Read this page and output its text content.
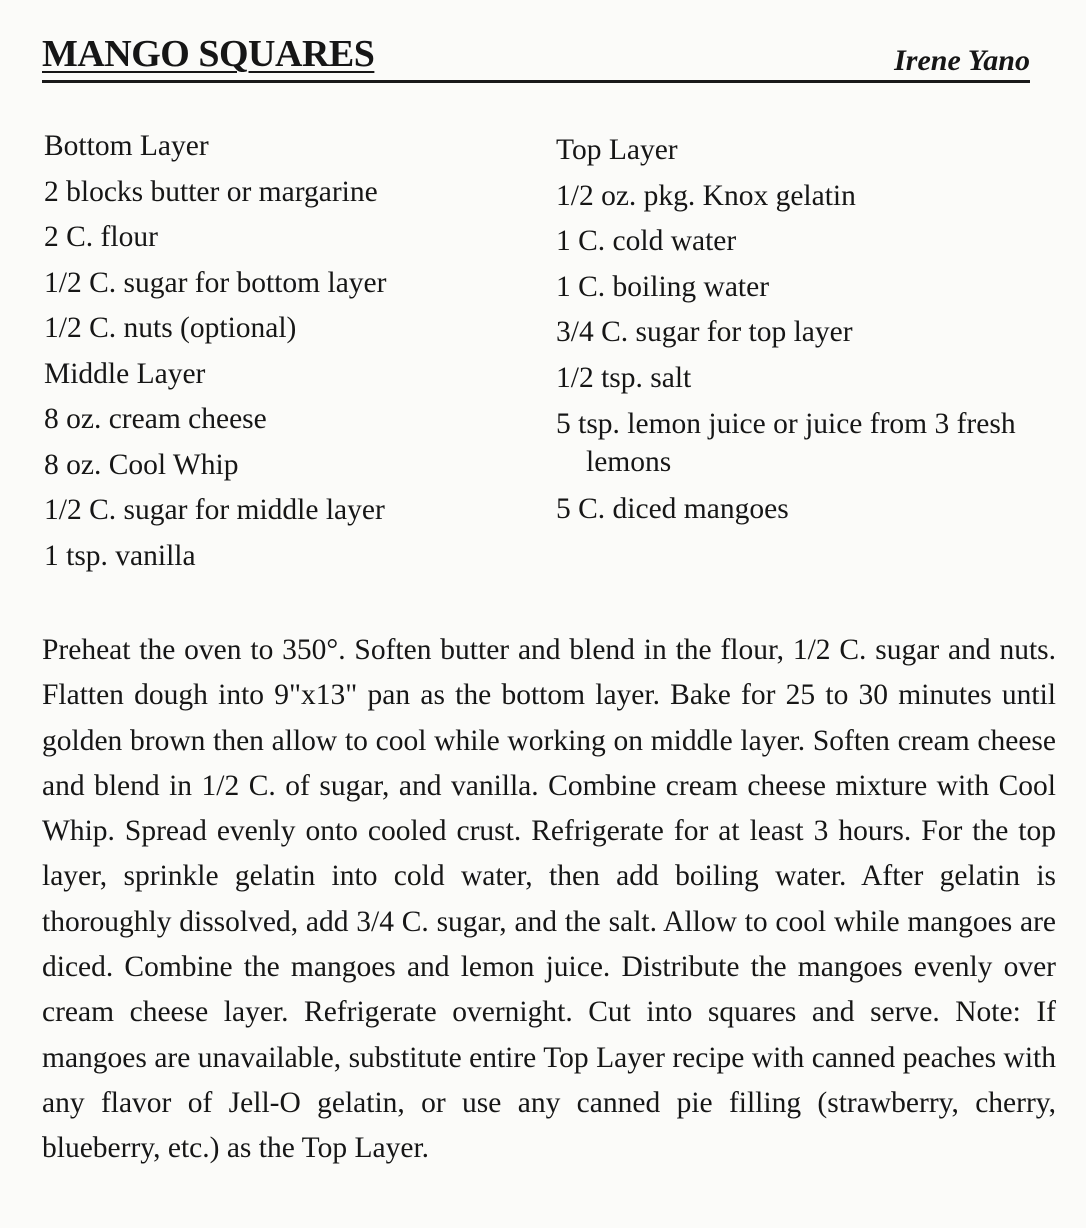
MANGO SQUARES	Irene Yano
Bottom Layer
2 blocks butter or margarine
2 C. flour
1/2 C. sugar for bottom layer
1/2 C. nuts (optional)
Middle Layer
8 oz. cream cheese
8 oz. Cool Whip
1/2 C. sugar for middle layer
1 tsp. vanilla
Top Layer
1/2 oz. pkg. Knox gelatin
1 C. cold water
1 C. boiling water
3/4 C. sugar for top layer
1/2 tsp. salt
5 tsp. lemon juice or juice from 3 fresh lemons
5 C. diced mangoes

Preheat the oven to 350°. Soften butter and blend in the flour, 1/2 C. sugar and nuts. Flatten dough into 9"x13" pan as the bottom layer. Bake for 25 to 30 minutes until golden brown then allow to cool while working on middle layer. Soften cream cheese and blend in 1/2 C. of sugar, and vanilla. Combine cream cheese mixture with Cool Whip. Spread evenly onto cooled crust. Refrigerate for at least 3 hours. For the top layer, sprinkle gelatin into cold water, then add boiling water. After gelatin is thoroughly dissolved, add 3/4 C. sugar, and the salt. Allow to cool while mangoes are diced. Combine the mangoes and lemon juice. Distribute the mangoes evenly over cream cheese layer. Refrigerate overnight. Cut into squares and serve. Note: If mangoes are unavailable, substitute entire Top Layer recipe with canned peaches with any flavor of Jell-O gelatin, or use any canned pie filling (strawberry, cherry, blueberry, etc.) as the Top Layer.
